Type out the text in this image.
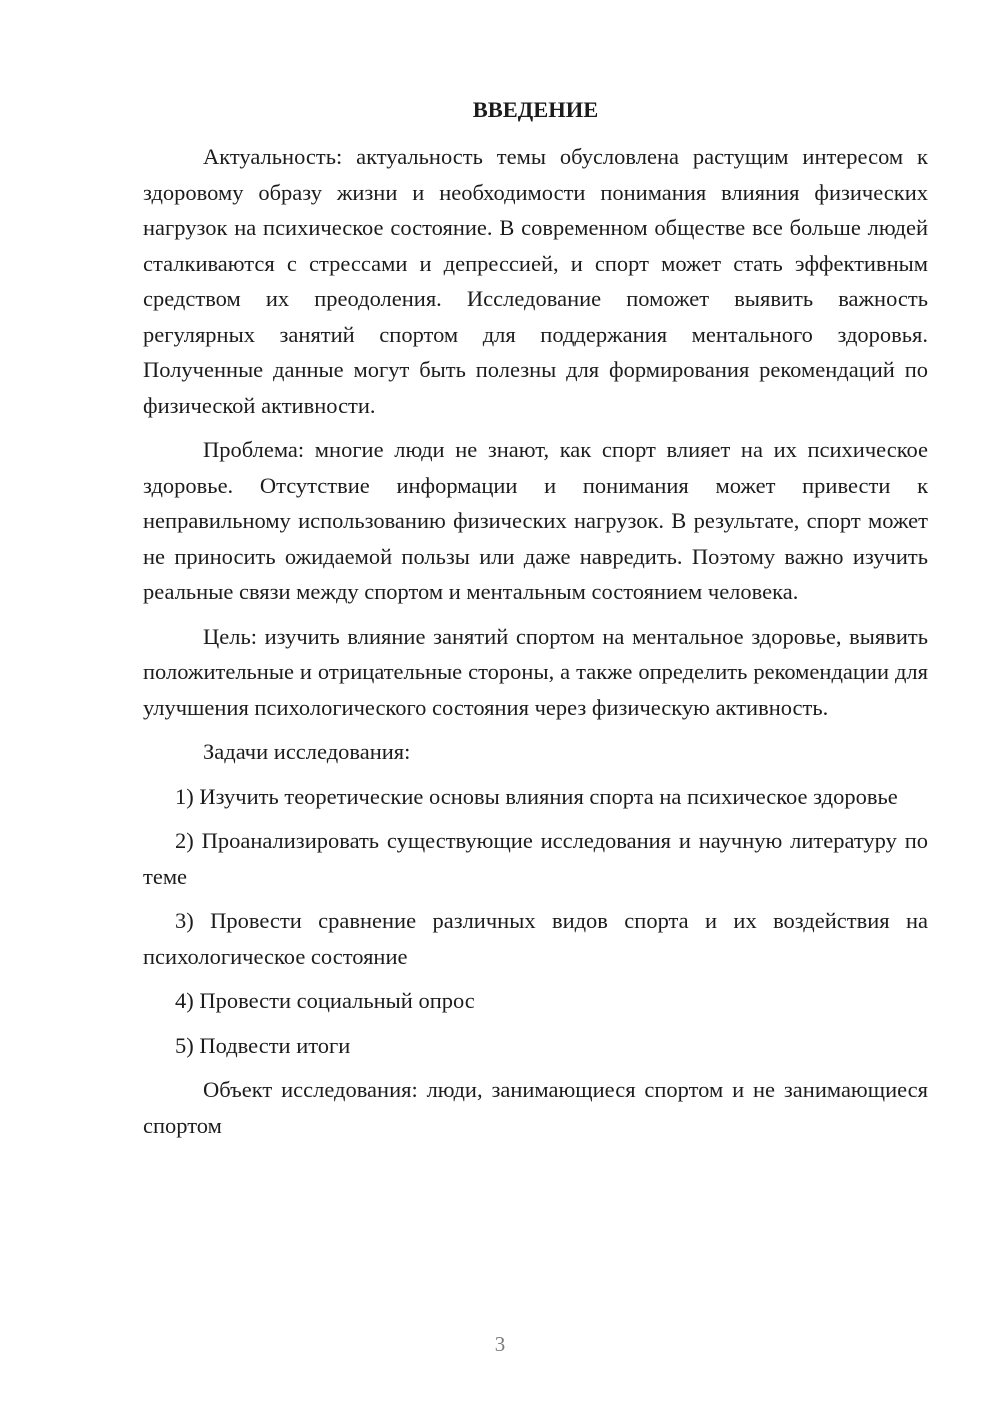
ВВЕДЕНИЕ

Актуальность: актуальность темы обусловлена растущим интересом к здоровому образу жизни и необходимости понимания влияния физических нагрузок на психическое состояние. В современном обществе все больше людей сталкиваются с стрессами и депрессией, и спорт может стать эффективным средством их преодоления. Исследование поможет выявить важность регулярных занятий спортом для поддержания ментального здоровья. Полученные данные могут быть полезны для формирования рекомендаций по физической активности.

Проблема: многие люди не знают, как спорт влияет на их психическое здоровье. Отсутствие информации и понимания может привести к неправильному использованию физических нагрузок. В результате, спорт может не приносить ожидаемой пользы или даже навредить. Поэтому важно изучить реальные связи между спортом и ментальным состоянием человека.

Цель: изучить влияние занятий спортом на ментальное здоровье, выявить положительные и отрицательные стороны, а также определить рекомендации для улучшения психологического состояния через физическую активность.

Задачи исследования:

1) Изучить теоретические основы влияния спорта на психическое здоровье

2) Проанализировать существующие исследования и научную литературу по теме

3) Провести сравнение различных видов спорта и их воздействия на психологическое состояние

4) Провести социальный опрос

5) Подвести итоги

Объект исследования: люди, занимающиеся спортом и не занимающиеся спортом

3
